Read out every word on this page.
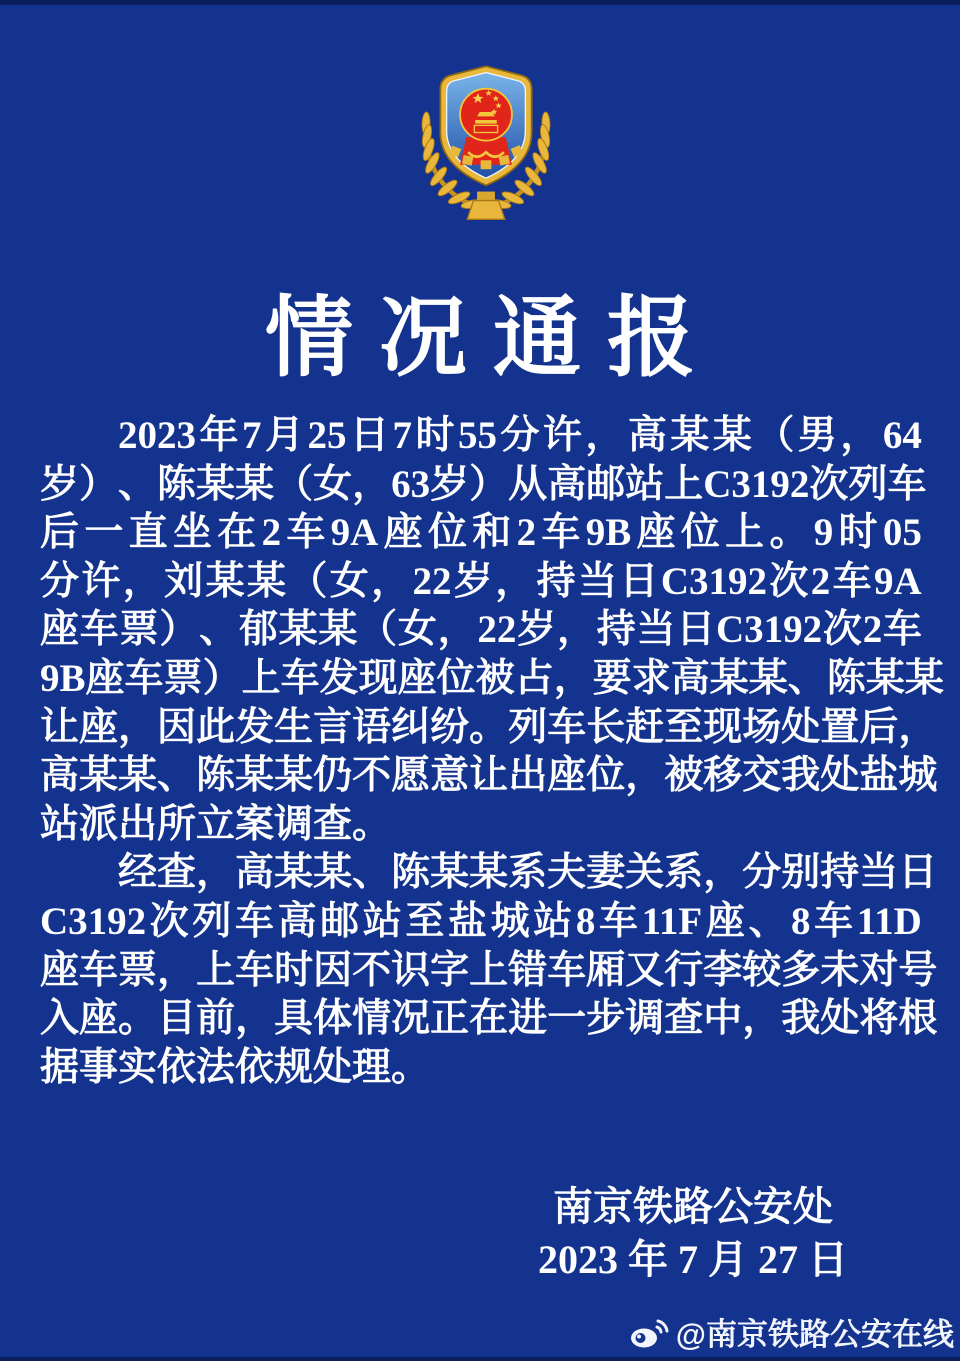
情况通报
2023 年 7 月 25 日 7 时 55 分 许 ， 高 某 某 （ 男 ， 64
岁 ） 、 陈 某 某 （ 女 ， 63 岁 ） 从 高 邮 站 上 C3192 次 列 车
后 一 直 坐 在 2 车 9A 座 位 和 2 车 9B 座 位 上 。 9 时 05
分 许 ， 刘 某 某 （ 女 ， 22 岁 ， 持 当 日 C3192 次 2 车 9A
座 车 票 ） 、 郁 某 某 （ 女 ， 22 岁 ， 持 当 日 C3192 次 2 车
9B 座 车 票 ） 上 车 发 现 座 位 被 占 ， 要 求 高 某 某 、 陈 某 某
让 座 ， 因 此 发 生 言 语 纠 纷 。 列 车 长 赶 至 现 场 处 置 后 ，
高 某 某 、 陈 某 某 仍 不 愿 意 让 出 座 位 ， 被 移 交 我 处 盐 城
站派出所立案调查。
经 查 ， 高 某 某 、 陈 某 某 系 夫 妻 关 系 ， 分 别 持 当 日
C3192 次 列 车 高 邮 站 至 盐 城 站 8 车 11F 座 、 8 车 11D
座 车 票 ， 上 车 时 因 不 识 字 上 错 车 厢 又 行 李 较 多 未 对 号
入 座 。 目 前 ， 具 体 情 况 正 在 进 一 步 调 查 中 ， 我 处 将 根
据事实依法依规处理。
南京铁路公安处
2023 年 7 月 27 日
@南京铁路公安在线
